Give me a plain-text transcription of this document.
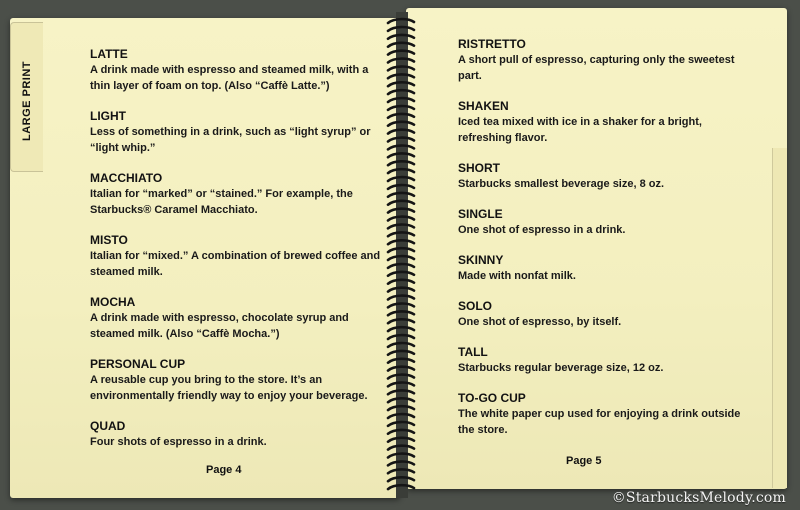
LARGE PRINT
LATTE
A drink made with espresso and steamed milk, with a thin layer of foam on top. (Also “Caffè Latte.”)
LIGHT
Less of something in a drink, such as “light syrup” or “light whip.”
MACCHIATO
Italian for “marked” or “stained.” For example, the Starbucks® Caramel Macchiato.
MISTO
Italian for “mixed.” A combination of brewed coffee and steamed milk.
MOCHA
A drink made with espresso, chocolate syrup and steamed milk. (Also “Caffè Mocha.”)
PERSONAL CUP
A reusable cup you bring to the store. It’s an environmentally friendly way to enjoy your beverage.
QUAD
Four shots of espresso in a drink.
Page 4
RISTRETTO
A short pull of espresso, capturing only the sweetest part.
SHAKEN
Iced tea mixed with ice in a shaker for a bright, refreshing flavor.
SHORT
Starbucks smallest beverage size, 8 oz.
SINGLE
One shot of espresso in a drink.
SKINNY
Made with nonfat milk.
SOLO
One shot of espresso, by itself.
TALL
Starbucks regular beverage size, 12 oz.
TO-GO CUP
The white paper cup used for enjoying a drink outside the store.
Page 5
©StarbucksMelody.com
